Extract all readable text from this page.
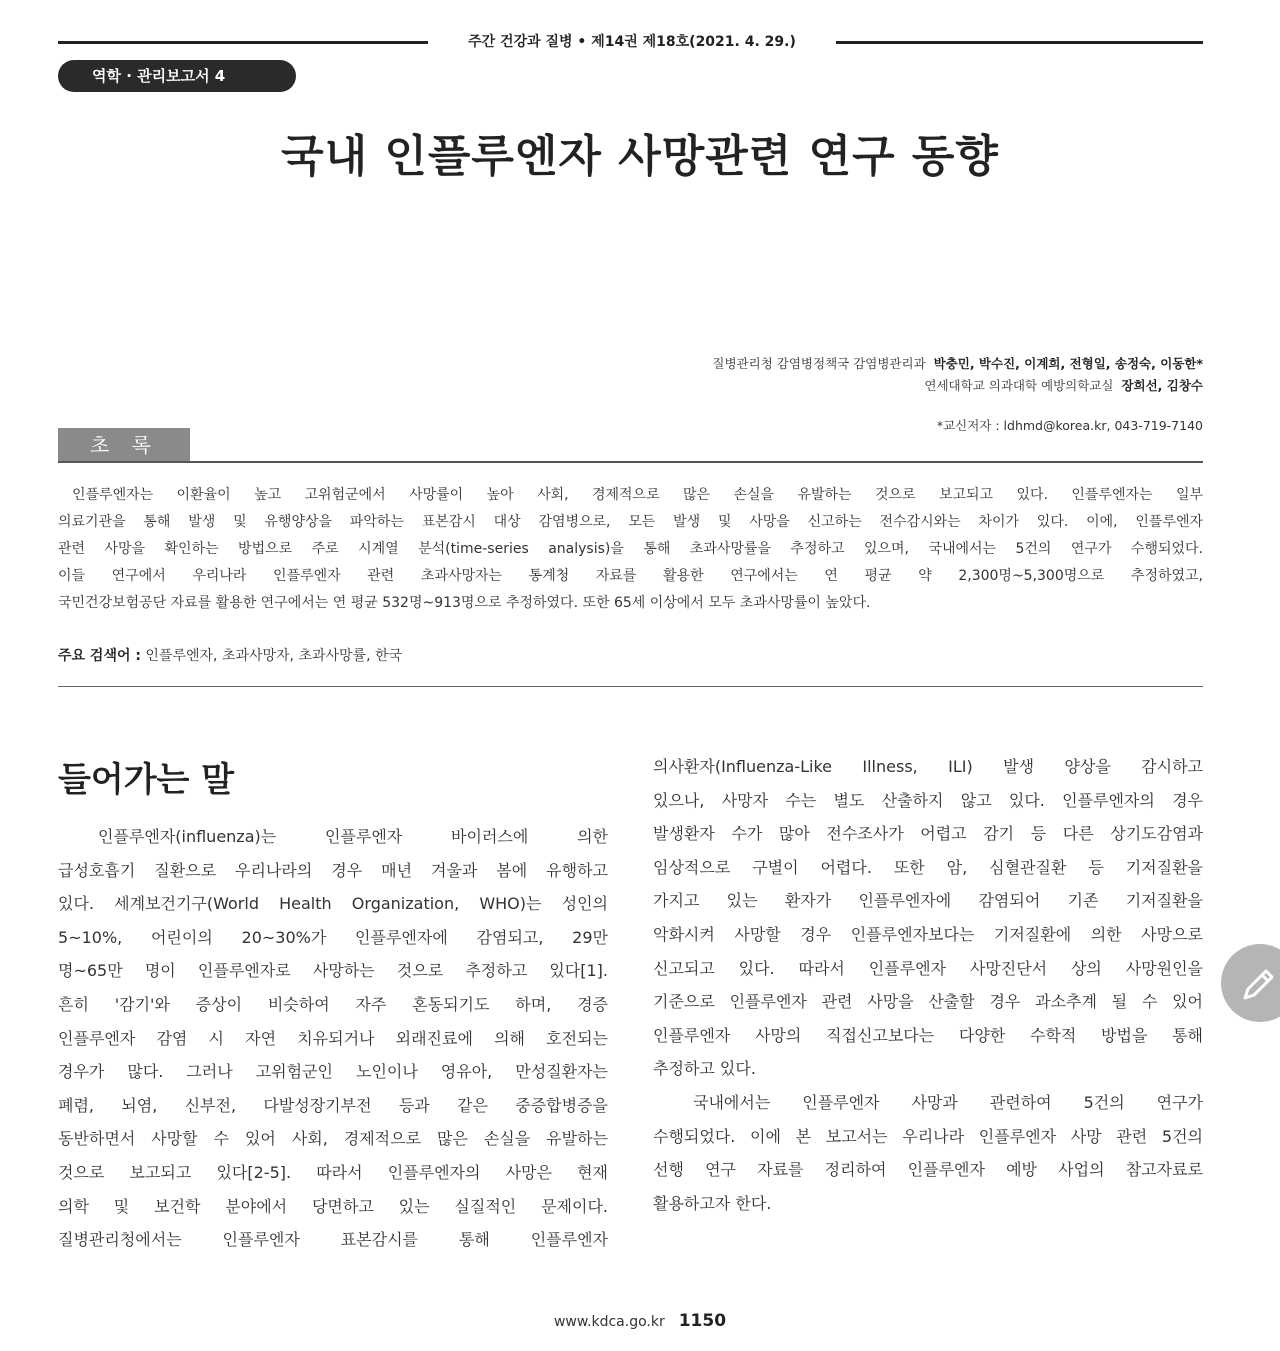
주간 건강과 질병 • 제14권 제18호(2021. 4. 29.)
역학 · 관리보고서 4
국내 인플루엔자 사망관련 연구 동향
질병관리청 감염병정책국 감염병관리과 박충민, 박수진, 이계희, 전형일, 송정숙, 이동한*
연세대학교 의과대학 예방의학교실 장희선, 김창수
*교신저자 : ldhmd@korea.kr, 043-719-7140
초 록
인플루엔자는 이환율이 높고 고위험군에서 사망률이 높아 사회, 경제적으로 많은 손실을 유발하는 것으로 보고되고 있다. 인플루엔자는 일부
의료기관을 통해 발생 및 유행양상을 파악하는 표본감시 대상 감염병으로, 모든 발생 및 사망을 신고하는 전수감시와는 차이가 있다. 이에, 인플루엔자
관련 사망을 확인하는 방법으로 주로 시계열 분석(time-series analysis)을 통해 초과사망률을 추정하고 있으며, 국내에서는 5건의 연구가 수행되었다.
이들 연구에서 우리나라 인플루엔자 관련 초과사망자는 통계청 자료를 활용한 연구에서는 연 평균 약 2,300명~5,300명으로 추정하였고,
국민건강보험공단 자료를 활용한 연구에서는 연 평균 532명~913명으로 추정하였다. 또한 65세 이상에서 모두 초과사망률이 높았다.
주요 검색어 : 인플루엔자, 초과사망자, 초과사망률, 한국
들어가는 말
인플루엔자(influenza)는 인플루엔자 바이러스에 의한
급성호흡기 질환으로 우리나라의 경우 매년 겨울과 봄에 유행하고
있다. 세계보건기구(World Health Organization, WHO)는 성인의
5~10%, 어린이의 20~30%가 인플루엔자에 감염되고, 29만
명~65만 명이 인플루엔자로 사망하는 것으로 추정하고 있다[1].
흔히 '감기'와 증상이 비슷하여 자주 혼동되기도 하며, 경증
인플루엔자 감염 시 자연 치유되거나 외래진료에 의해 호전되는
경우가 많다. 그러나 고위험군인 노인이나 영유아, 만성질환자는
폐렴, 뇌염, 신부전, 다발성장기부전 등과 같은 중증합병증을
동반하면서 사망할 수 있어 사회, 경제적으로 많은 손실을 유발하는
것으로 보고되고 있다[2-5]. 따라서 인플루엔자의 사망은 현재
의학 및 보건학 분야에서 당면하고 있는 실질적인 문제이다.
질병관리청에서는 인플루엔자 표본감시를 통해 인플루엔자
의사환자(Influenza-Like Illness, ILI) 발생 양상을 감시하고
있으나, 사망자 수는 별도 산출하지 않고 있다. 인플루엔자의 경우
발생환자 수가 많아 전수조사가 어렵고 감기 등 다른 상기도감염과
임상적으로 구별이 어렵다. 또한 암, 심혈관질환 등 기저질환을
가지고 있는 환자가 인플루엔자에 감염되어 기존 기저질환을
악화시켜 사망할 경우 인플루엔자보다는 기저질환에 의한 사망으로
신고되고 있다. 따라서 인플루엔자 사망진단서 상의 사망원인을
기준으로 인플루엔자 관련 사망을 산출할 경우 과소추계 될 수 있어
인플루엔자 사망의 직접신고보다는 다양한 수학적 방법을 통해
추정하고 있다.
국내에서는 인플루엔자 사망과 관련하여 5건의 연구가
수행되었다. 이에 본 보고서는 우리나라 인플루엔자 사망 관련 5건의
선행 연구 자료를 정리하여 인플루엔자 예방 사업의 참고자료로
활용하고자 한다.
www.kdca.go.kr 1150
